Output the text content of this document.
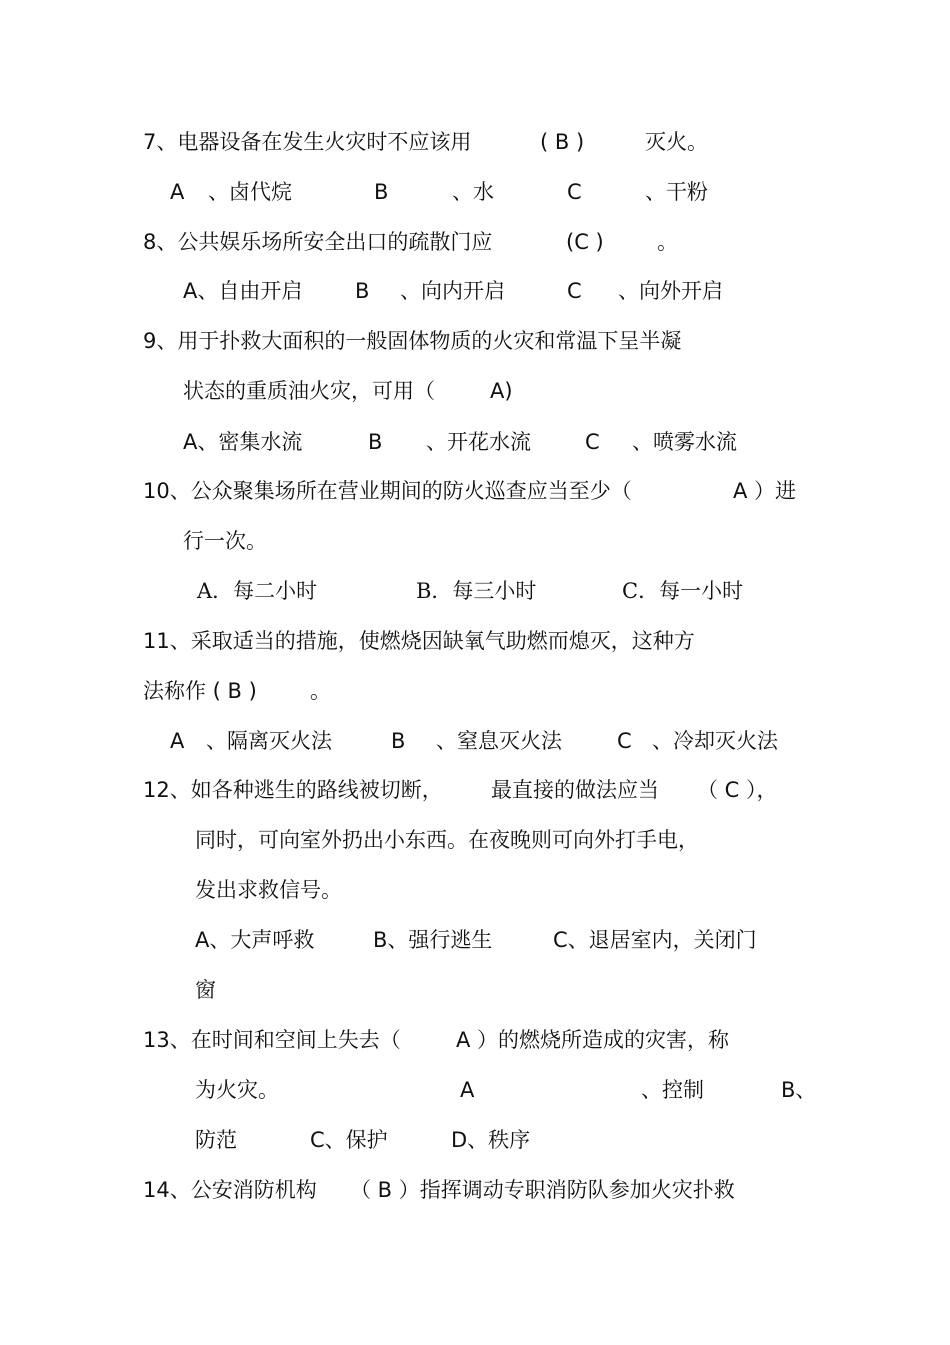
7、电器设备在发生火灾时不应该用	( B )	灭火。
A 、卤代烷	B	、水	C	、干粉
8、公共娱乐场所安全出口的疏散门应	(C )	。
A、自由开启	B 、向内开启	C 、向外开启
9、用于扑救大面积的一般固体物质的火灾和常温下呈半凝
状态的重质油火灾，可用（	A)
A、密集水流	B 、开花水流	C 、喷雾水流
10、公众聚集场所在营业期间的防火巡查应当至少（	A ）进
行一次。
A．每二小时	B．每三小时	C．每一小时
11、采取适当的措施，使燃烧因缺氧气助燃而熄灭，这种方
法称作 ( B )	。
A 、隔离灭火法	B 、窒息灭火法	C 、冷却灭火法
12、如各种逃生的路线被切断， 最直接的做法应当 （ C ），
同时，可向室外扔出小东西。在夜晚则可向外打手电，
发出求救信号。
A、大声呼救	B、强行逃生	C、退居室内，关闭门
窗
13、在时间和空间上失去（	A ）的燃烧所造成的灾害，称
为火灾。	A	、控制	B、
防范	C、保护	D、秩序
14、公安消防机构 （ B ）指挥调动专职消防队参加火灾扑救
